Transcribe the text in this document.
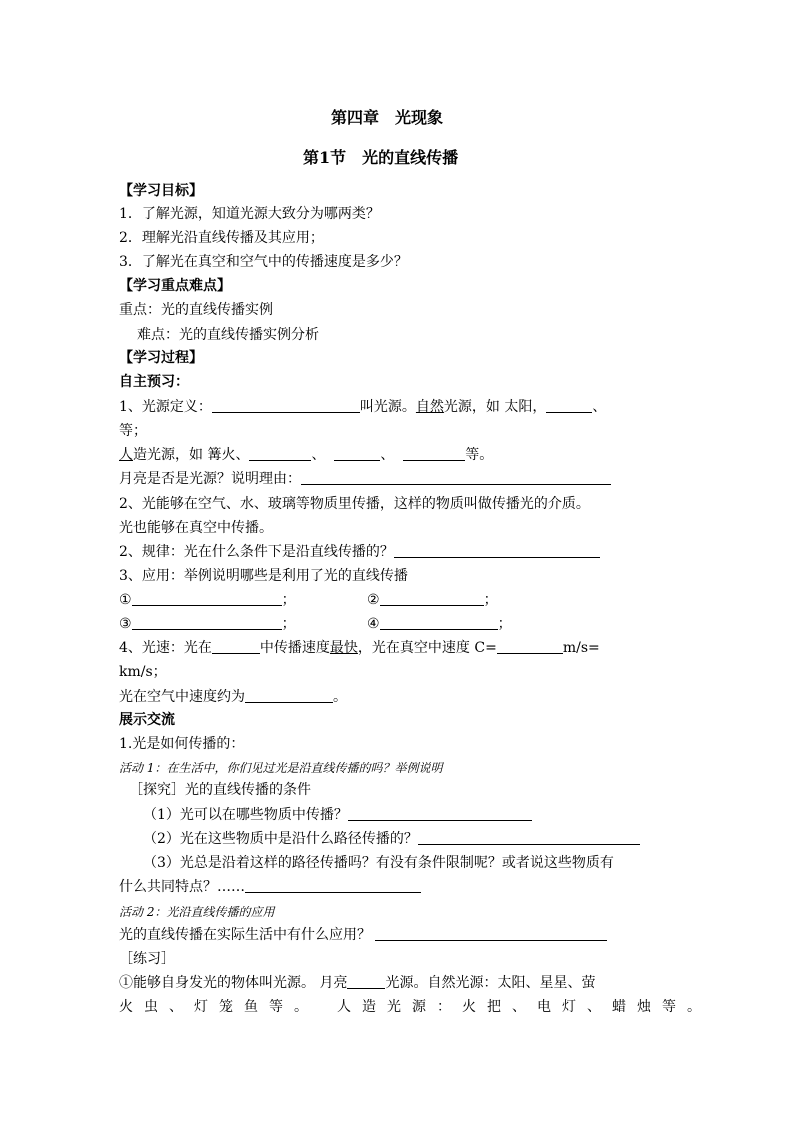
第四章　光现象
第1节　光的直线传播
【学习目标】
1．了解光源，知道光源大致分为哪两类？
2．理解光沿直线传播及其应用；
3．了解光在真空和空气中的传播速度是多少？
【学习重点难点】
重点：光的直线传播实例
难点：光的直线传播实例分析
【学习过程】
自主预习：
1、光源定义：	叫光源。自然光源，如 太阳，	、
等；
人造光源，如 篝火、	、	、	等。
月亮是否是光源？说明理由：
2、光能够在空气、水、玻璃等物质里传播，这样的物质叫做传播光的介质。
光也能够在真空中传播。
2、规律：光在什么条件下是沿直线传播的？
3、应用：举例说明哪些是利用了光的直线传播
①	；	②	；
③	；	④	；
4、光速：光在	中传播速度最快，光在真空中速度 C=	m/s=
km/s；
光在空气中速度约为	。
展示交流
1.光是如何传播的：
活动 1：在生活中，你们见过光是沿直线传播的吗？举例说明
［探究］光的直线传播的条件
（1）光可以在哪些物质中传播？
（2）光在这些物质中是沿什么路径传播的？
（3）光总是沿着这样的路径传播吗？有没有条件限制呢？或者说这些物质有
什么共同特点？……
活动 2：光沿直线传播的应用
光的直线传播在实际生活中有什么应用？
［练习］
①能够自身发光的物体叫光源。 月亮	光源。自然光源：太阳、星星、萤
火虫、灯笼鱼等。　人造光源：火把、电灯、蜡烛等。
